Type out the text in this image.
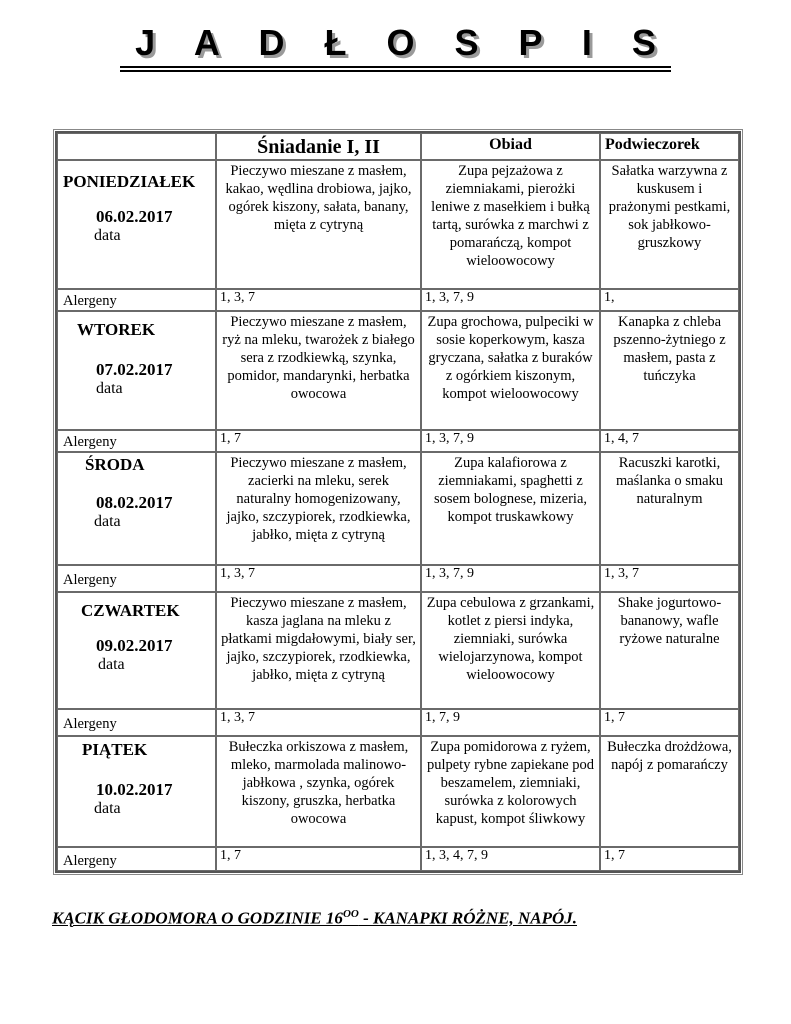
J A D Ł O S P I S
	Śniadanie I, II	Obiad	Podwieczorek

PONIEDZIAŁEK
06.02.2017
data	Pieczywo mieszane z masłem, kakao, wędlina drobiowa, jajko, ogórek kiszony, sałata, banany, mięta z cytryną	Zupa pejzażowa z ziemniakami, pierożki leniwe z masełkiem i bułką tartą, surówka z marchwi z pomarańczą, kompot wieloowocowy	Sałatka warzywna z kuskusem i prażonymi pestkami, sok jabłkowo-gruszkowy
Alergeny	1, 3, 7	1, 3, 7, 9	1,

WTOREK
07.02.2017
data	Pieczywo mieszane z masłem, ryż na mleku, twarożek z białego sera z rzodkiewką, szynka, pomidor, mandarynki, herbatka owocowa	Zupa grochowa, pulpeciki w sosie koperkowym, kasza gryczana, sałatka z buraków z ogórkiem kiszonym, kompot wieloowocowy	Kanapka z chleba pszenno-żytniego z masłem, pasta z tuńczyka
Alergeny	1, 7	1, 3, 7, 9	1, 4, 7

ŚRODA
08.02.2017
data	Pieczywo mieszane z masłem, zacierki na mleku, serek naturalny homogenizowany, jajko, szczypiorek, rzodkiewka, jabłko, mięta z cytryną	Zupa kalafiorowa z ziemniakami, spaghetti z sosem bolognese, mizeria, kompot truskawkowy	Racuszki karotki, maślanka o smaku naturalnym
Alergeny	1, 3, 7	1, 3, 7, 9	1, 3, 7

CZWARTEK
09.02.2017
data	Pieczywo mieszane z masłem, kasza jaglana na mleku z płatkami migdałowymi, biały ser, jajko, szczypiorek, rzodkiewka, jabłko, mięta z cytryną	Zupa cebulowa z grzankami, kotlet z piersi indyka, ziemniaki, surówka wielojarzynowa, kompot wieloowocowy	Shake jogurtowo-bananowy, wafle ryżowe naturalne
Alergeny	1, 3, 7	1, 7, 9	1, 7

PIĄTEK
10.02.2017
data	Bułeczka orkiszowa z masłem, mleko, marmolada malinowo-jabłkowa , szynka, ogórek kiszony, gruszka, herbatka owocowa	Zupa pomidorowa z ryżem, pulpety rybne zapiekane pod beszamelem, ziemniaki, surówka z kolorowych kapust, kompot śliwkowy	Bułeczka drożdżowa, napój z pomarańczy
Alergeny	1, 7	1, 3, 4, 7, 9	1, 7
KĄCIK GŁODOMORA O GODZINIE $16^{OO}$ - KANAPKI RÓŻNE, NAPÓJ.
